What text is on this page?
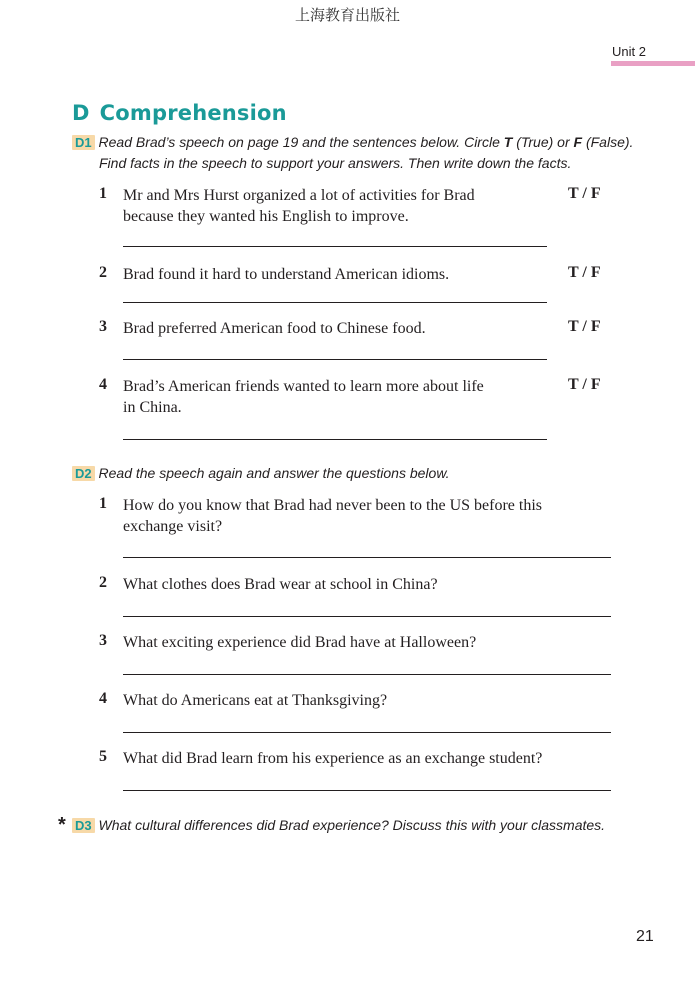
上海教育出版社
Unit 2
D Comprehension
D1 Read Brad’s speech on page 19 and the sentences below. Circle T (True) or F (False).
Find facts in the speech to support your answers. Then write down the facts.
1	Mr and Mrs Hurst organized a lot of activities for Brad
because they wanted his English to improve.
T / F
2	Brad found it hard to understand American idioms.	T / F
3	Brad preferred American food to Chinese food.	T / F
4	Brad’s American friends wanted to learn more about life
in China.
T / F
D2 Read the speech again and answer the questions below.
1	How do you know that Brad had never been to the US before this
exchange visit?
2	What clothes does Brad wear at school in China?
3	What exciting experience did Brad have at Halloween?
4	What do Americans eat at Thanksgiving?
5	What did Brad learn from his experience as an exchange student?
* D3 What cultural differences did Brad experience? Discuss this with your classmates.
21
